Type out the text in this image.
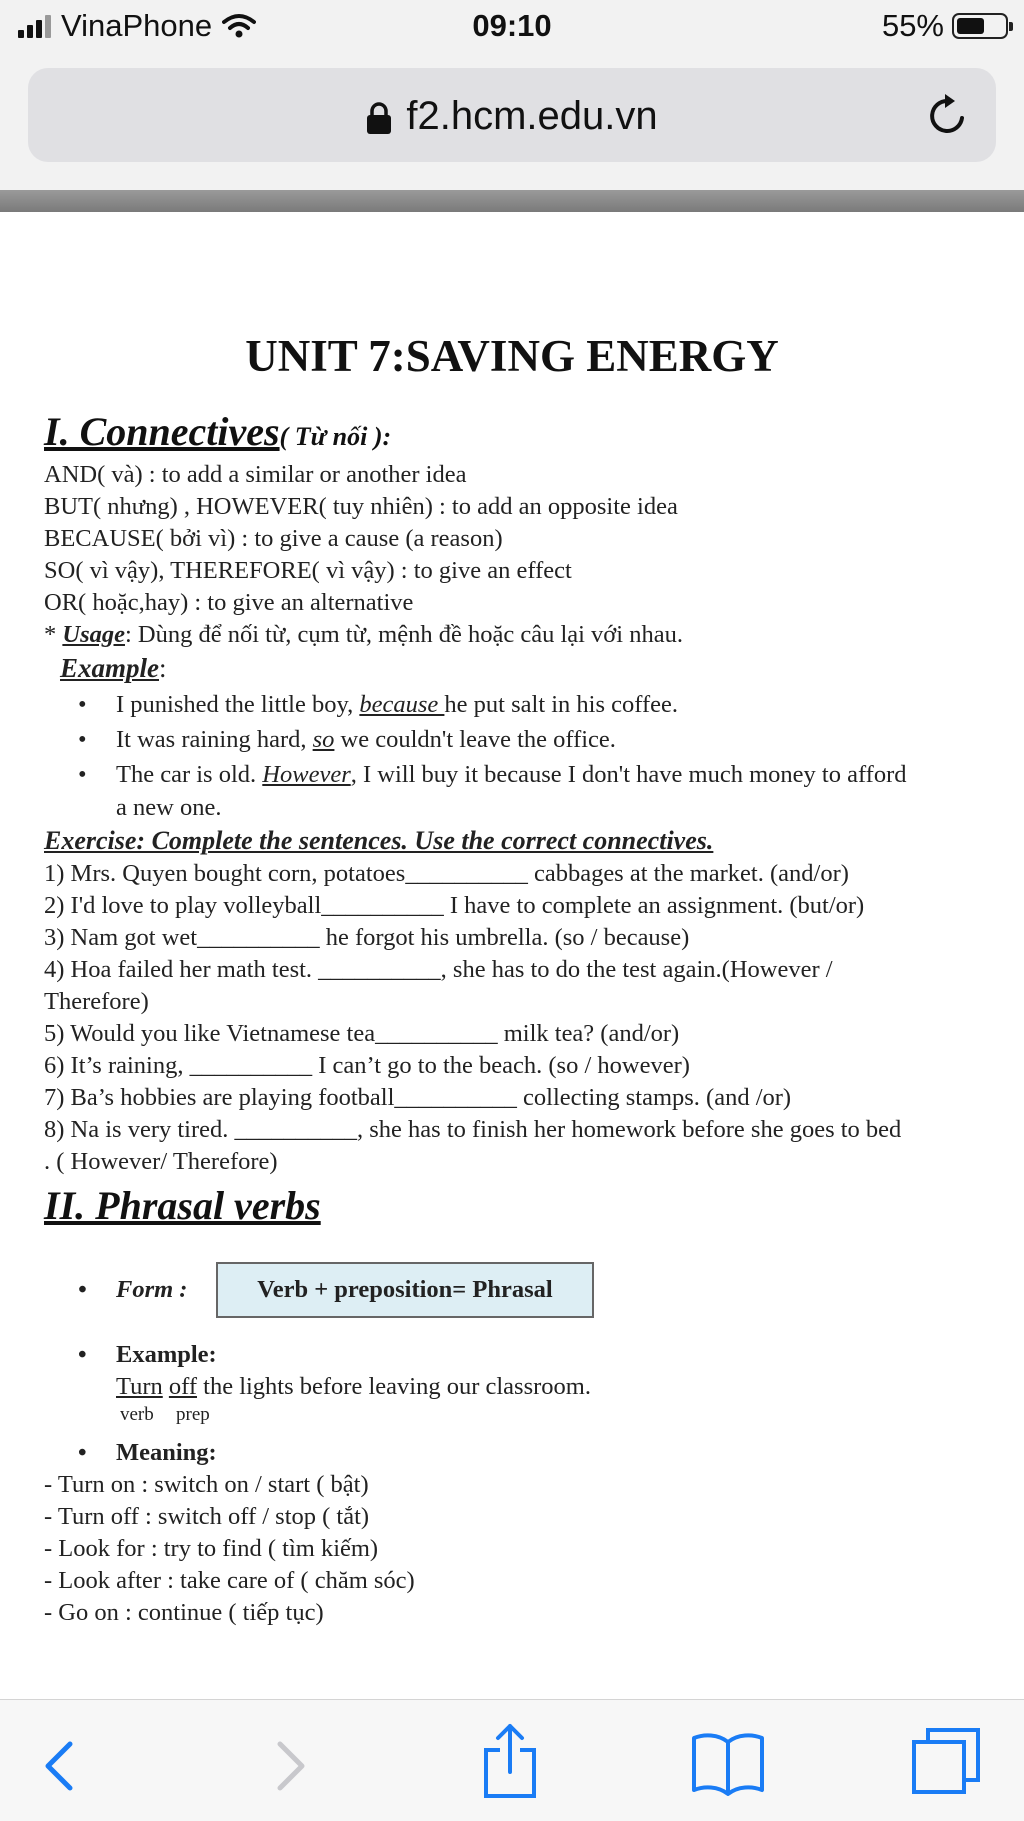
VinaPhone	09:10	55%
f2.hcm.edu.vn
UNIT 7:SAVING ENERGY
I. Connectives( Từ nối ):
AND( và) : to add a similar or another idea
BUT( nhưng) , HOWEVER( tuy nhiên) : to add an opposite idea
BECAUSE( bởi vì) : to give a cause (a reason)
SO( vì vậy), THEREFORE( vì vậy) : to give an effect
OR( hoặc,hay) : to give an alternative
* Usage: Dùng để nối từ, cụm từ, mệnh đề hoặc câu lại với nhau.
Example:
• I punished the little boy, because he put salt in his coffee.
• It was raining hard, so we couldn't leave the office.
• The car is old. However, I will buy it because I don't have much money to afford
a new one.
Exercise: Complete the sentences. Use the correct connectives.
1) Mrs. Quyen bought corn, potatoes__________ cabbages at the market. (and/or)
2) I'd love to play volleyball__________ I have to complete an assignment. (but/or)
3) Nam got wet__________ he forgot his umbrella. (so / because)
4) Hoa failed her math test. __________, she has to do the test again.(However /
Therefore)
5) Would you like Vietnamese tea__________ milk tea? (and/or)
6) It’s raining, __________ I can’t go to the beach. (so / however)
7) Ba’s hobbies are playing football__________ collecting stamps. (and /or)
8) Na is very tired. __________, she has to finish her homework before she goes to bed
. ( However/ Therefore)
II. Phrasal verbs
• Form :	Verb + preposition= Phrasal
• Example:
Turn off the lights before leaving our classroom.
verb prep
• Meaning:
- Turn on : switch on / start ( bật)
- Turn off : switch off / stop ( tắt)
- Look for : try to find ( tìm kiếm)
- Look after : take care of ( chăm sóc)
- Go on : continue ( tiếp tục)
